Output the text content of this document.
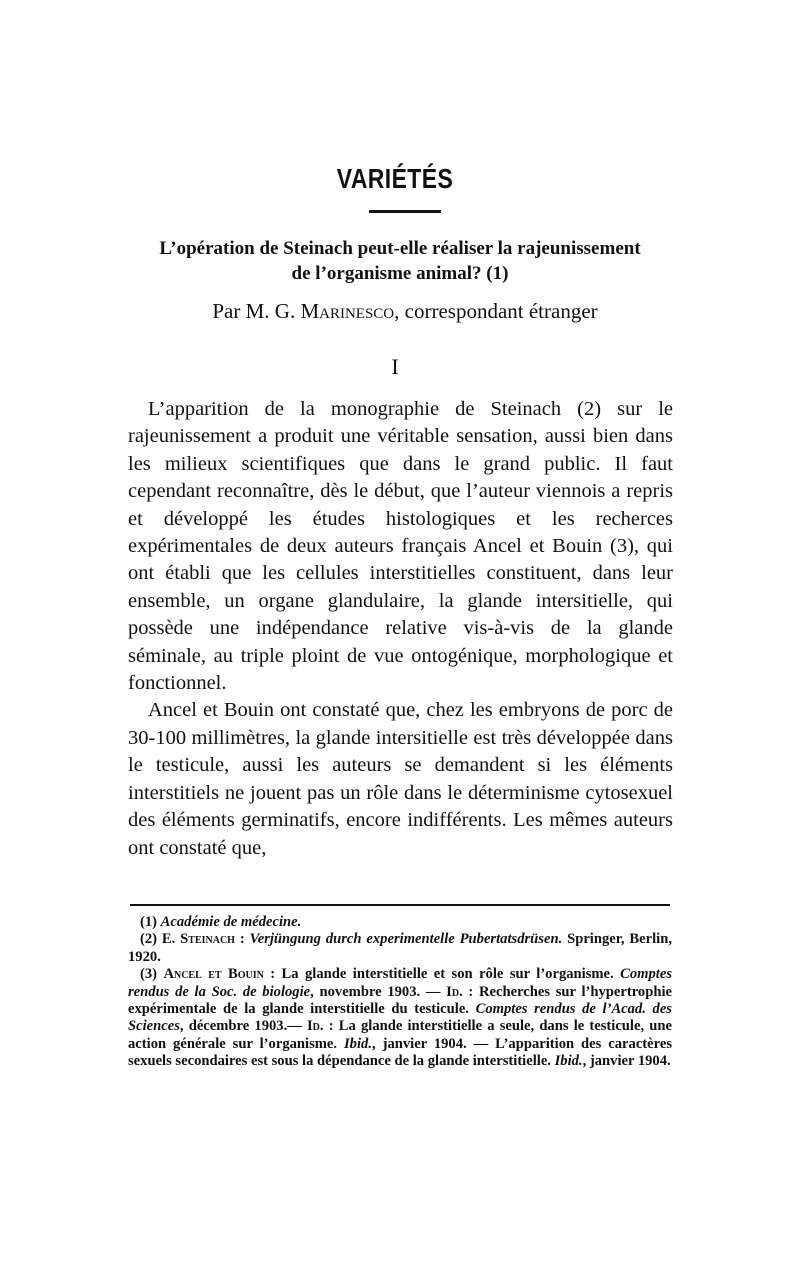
VARIÉTÉS
L’opération de Steinach peut-elle réaliser la rajeunissement
de l’organisme animal? (1)
Par M. G. Marinesco, correspondant étranger
I

L’apparition de la monographie de Steinach (2) sur le rajeunissement a produit une véritable sensation, aussi bien dans les milieux scientifiques que dans le grand public. Il faut cependant reconnaître, dès le début, que l’auteur viennois a repris et développé les études histologiques et les recherces expérimentales de deux auteurs français Ancel et Bouin (3), qui ont établi que les cellules interstitielles constituent, dans leur ensemble, un organe glandulaire, la glande intersitielle, qui possède une indépendance relative vis-à-vis de la glande séminale, au triple ploint de vue ontogénique, morphologique et fonctionnel.

Ancel et Bouin ont constaté que, chez les embryons de porc de 30-100 millimètres, la glande intersitielle est très développée dans le testicule, aussi les auteurs se demandent si les éléments interstitiels ne jouent pas un rôle dans le déterminisme cytosexuel des éléments germinatifs, encore indifférents. Les mêmes auteurs ont constaté que,

(1) Académie de médecine.

(2) E. Steinach : Verjüngung durch experimentelle Pubertatsdrüsen. Springer, Berlin, 1920.

(3) Ancel et Bouin : La glande interstitielle et son rôle sur l’organisme. Comptes rendus de la Soc. de biologie, novembre 1903. — Id. : Recherches sur l’hypertrophie expérimentale de la glande interstitielle du testicule. Comptes rendus de l’Acad. des Sciences, décembre 1903.— Id. : La glande interstitielle a seule, dans le testicule, une action générale sur l’organisme. Ibid., janvier 1904. — L’apparition des caractères sexuels secondaires est sous la dépendance de la glande interstitielle. Ibid., janvier 1904.
